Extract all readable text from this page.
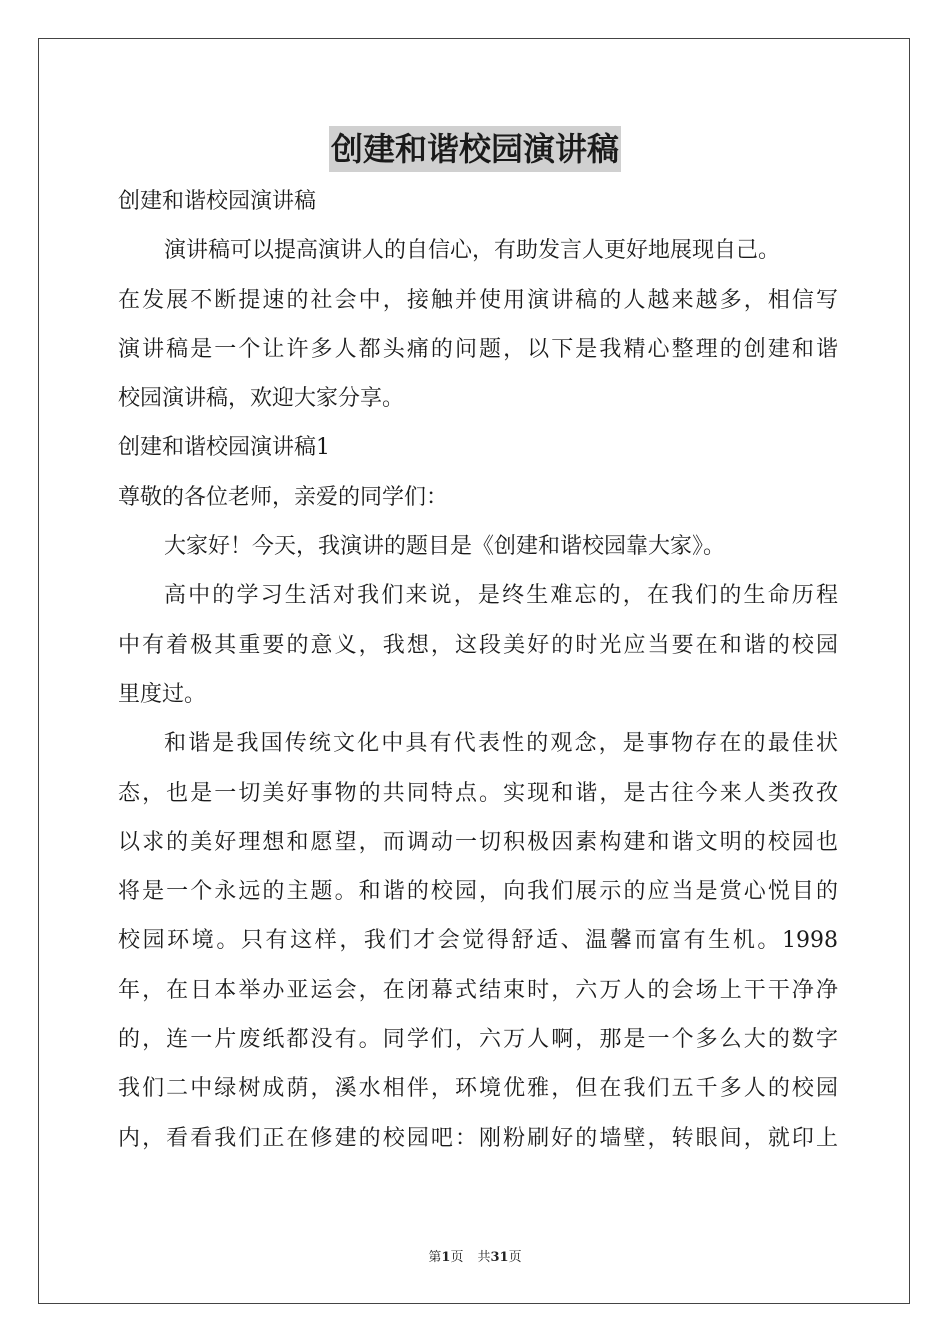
创建和谐校园演讲稿
创建和谐校园演讲稿
演讲稿可以提高演讲人的自信心，有助发言人更好地展现自己。
在发展不断提速的社会中，接触并使用演讲稿的人越来越多，相信写
演讲稿是一个让许多人都头痛的问题，以下是我精心整理的创建和谐
校园演讲稿，欢迎大家分享。
创建和谐校园演讲稿1
尊敬的各位老师，亲爱的同学们：
大家好！今天，我演讲的题目是《创建和谐校园靠大家》。
高中的学习生活对我们来说，是终生难忘的，在我们的生命历程
中有着极其重要的意义，我想，这段美好的时光应当要在和谐的校园
里度过。
和谐是我国传统文化中具有代表性的观念，是事物存在的最佳状
态，也是一切美好事物的共同特点。实现和谐，是古往今来人类孜孜
以求的美好理想和愿望，而调动一切积极因素构建和谐文明的校园也
将是一个永远的主题。和谐的校园，向我们展示的应当是赏心悦目的
校园环境。只有这样，我们才会觉得舒适、温馨而富有生机。1998
年，在日本举办亚运会，在闭幕式结束时，六万人的会场上干干净净
的，连一片废纸都没有。同学们，六万人啊，那是一个多么大的数字
我们二中绿树成荫，溪水相伴，环境优雅，但在我们五千多人的校园
内，看看我们正在修建的校园吧：刚粉刷好的墙壁，转眼间，就印上
第1页 共31页
